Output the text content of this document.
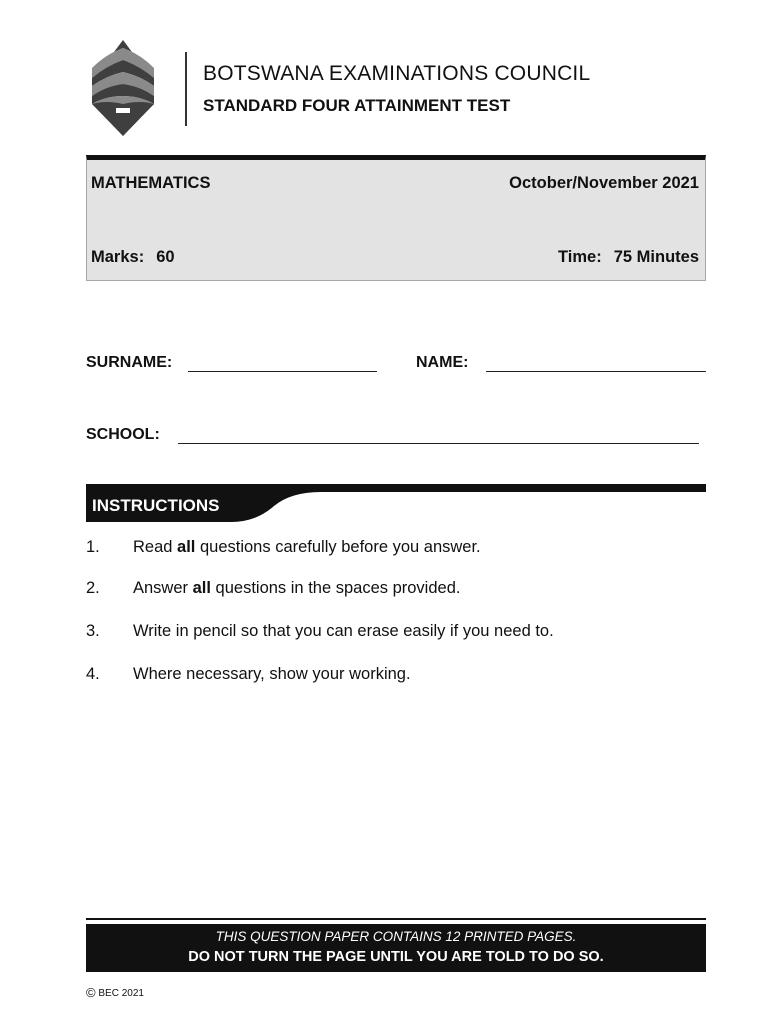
BOTSWANA EXAMINATIONS COUNCIL
STANDARD FOUR ATTAINMENT TEST
MATHEMATICS	October/November 2021
Marks: 60	Time: 75 Minutes
SURNAME:	NAME:
SCHOOL:
INSTRUCTIONS
1. Read all questions carefully before you answer.
2. Answer all questions in the spaces provided.
3. Write in pencil so that you can erase easily if you need to.
4. Where necessary, show your working.
THIS QUESTION PAPER CONTAINS 12 PRINTED PAGES.
DO NOT TURN THE PAGE UNTIL YOU ARE TOLD TO DO SO.
© BEC 2021
